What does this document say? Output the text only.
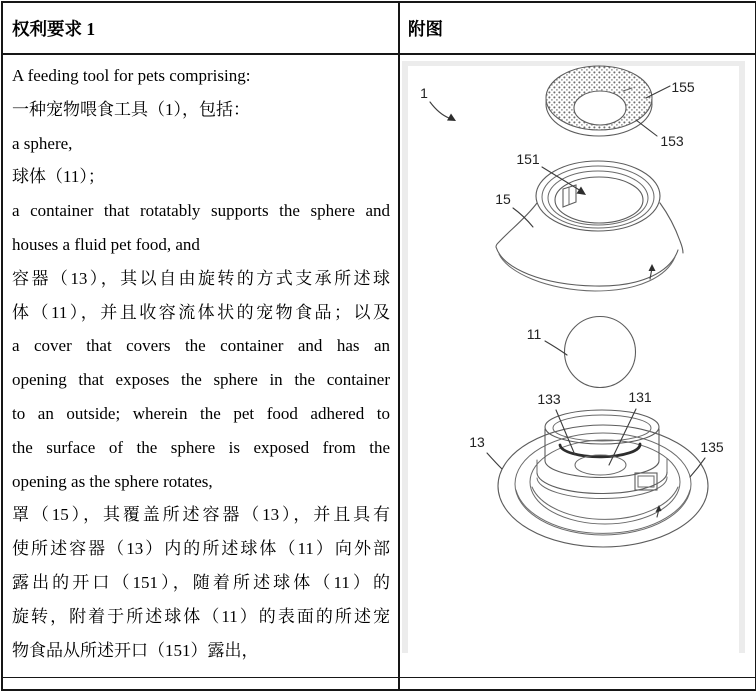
权利要求 1	附图
A feeding tool for pets comprising:
一种宠物喂食工具（1），包括：
a sphere,
球体（11）；
a container that rotatably supports the sphere and
houses a fluid pet food, and
容器（13），其以自由旋转的方式支承所述球
体（11），并且收容流体状的宠物食品；以及
a cover that covers the container and has an
opening that exposes the sphere in the container
to an outside; wherein the pet food adhered to
the surface of the sphere is exposed from the
opening as the sphere rotates,
罩（15），其覆盖所述容器（13），并且具有
使所述容器（13）内的所述球体（11）向外部
露出的开口（151），随着所述球体（11）的
旋转，附着于所述球体（11）的表面的所述宠
物食品从所述开口（151）露出，
155
153
1
151
15
11
133	131
13	135
